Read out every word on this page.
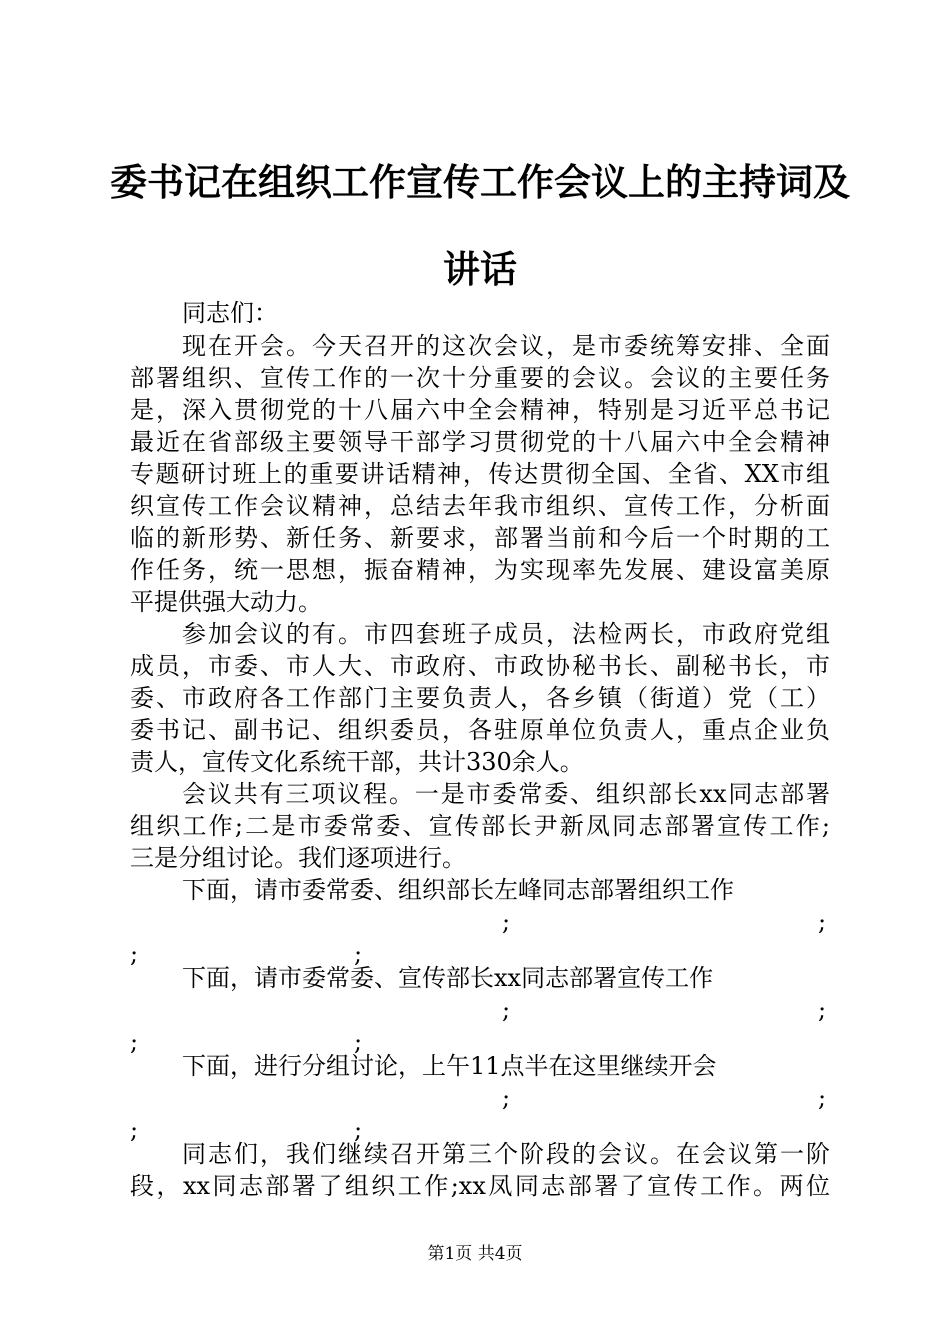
委书记在组织工作宣传工作会议上的主持词及
讲话
同志们：
现在开会。今天召开的这次会议，是市委统筹安排、全面
部署组织、宣传工作的一次十分重要的会议。会议的主要任务
是，深入贯彻党的十八届六中全会精神，特别是习近平总书记
最近在省部级主要领导干部学习贯彻党的十八届六中全会精神
专题研讨班上的重要讲话精神，传达贯彻全国、全省、XX市组
织宣传工作会议精神，总结去年我市组织、宣传工作，分析面
临的新形势、新任务、新要求，部署当前和今后一个时期的工
作任务，统一思想，振奋精神，为实现率先发展、建设富美原
平提供强大动力。
参加会议的有。市四套班子成员，法检两长，市政府党组
成员，市委、市人大、市政府、市政协秘书长、副秘书长，市
委、市政府各工作部门主要负责人，各乡镇（街道）党（工）
委书记、副书记、组织委员，各驻原单位负责人，重点企业负
责人，宣传文化系统干部，共计330余人。
会议共有三项议程。一是市委常委、组织部长xx同志部署
组织工作;二是市委常委、宣传部长尹新凤同志部署宣传工作;
三是分组讨论。我们逐项进行。
下面，请市委常委、组织部长左峰同志部署组织工作
;	;
;	;
下面，请市委常委、宣传部长xx同志部署宣传工作
;	;
;	;
下面，进行分组讨论，上午11点半在这里继续开会
;	;
;	;
同志们，我们继续召开第三个阶段的会议。在会议第一阶
段，xx同志部署了组织工作;xx凤同志部署了宣传工作。两位
第1页 共4页
